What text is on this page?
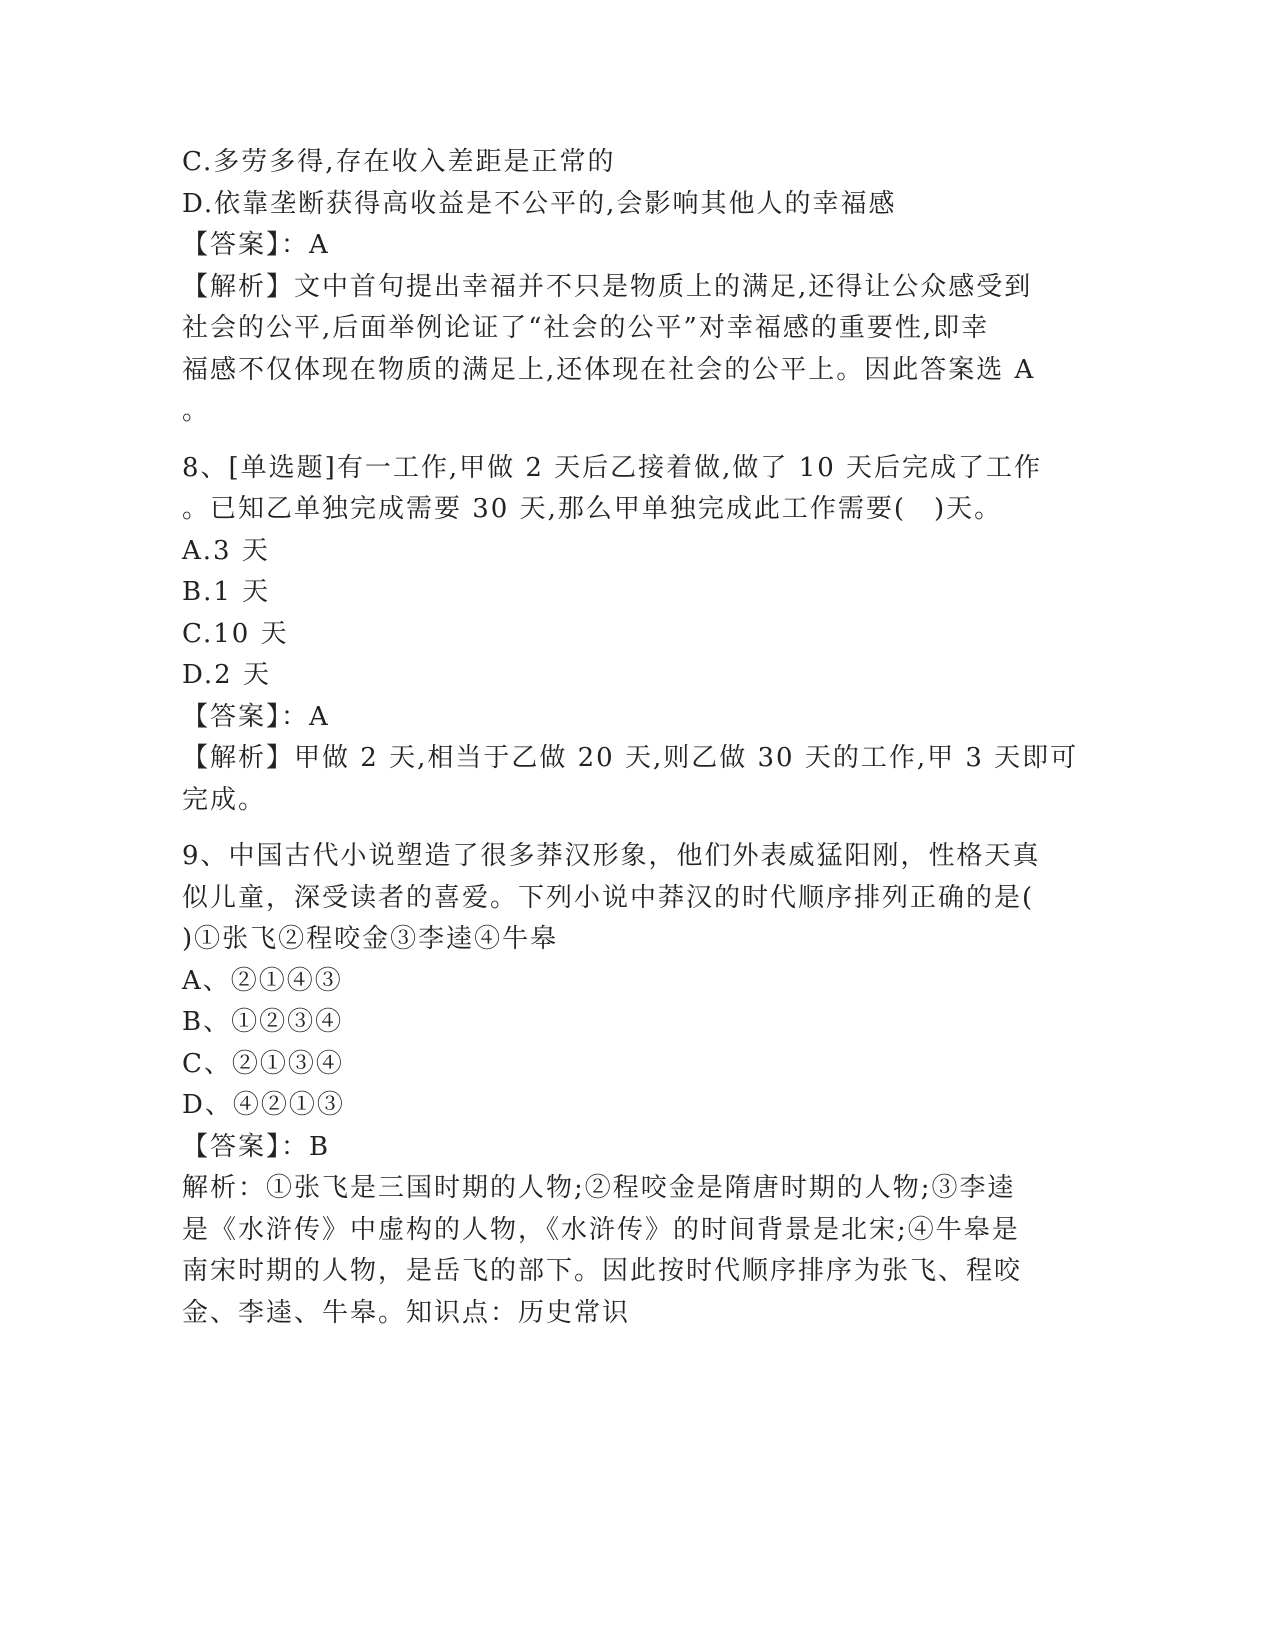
C.多劳多得,存在收入差距是正常的
D.依靠垄断获得高收益是不公平的,会影响其他人的幸福感
【答案】：A
【解析】文中首句提出幸福并不只是物质上的满足,还得让公众感受到
社会的公平,后面举例论证了“社会的公平”对幸福感的重要性,即幸
福感不仅体现在物质的满足上,还体现在社会的公平上。因此答案选 A
。
8、[单选题]有一工作,甲做 2 天后乙接着做,做了 10 天后完成了工作
。已知乙单独完成需要 30 天,那么甲单独完成此工作需要(　)天。
A.3 天
B.1 天
C.10 天
D.2 天
【答案】：A
【解析】甲做 2 天,相当于乙做 20 天,则乙做 30 天的工作,甲 3 天即可
完成。
9、中国古代小说塑造了很多莽汉形象，他们外表威猛阳刚，性格天真
似儿童，深受读者的喜爱。下列小说中莽汉的时代顺序排列正确的是(
)①张飞②程咬金③李逵④牛皋
A、②①④③
B、①②③④
C、②①③④
D、④②①③
【答案】：B
解析：①张飞是三国时期的人物;②程咬金是隋唐时期的人物;③李逵
是《水浒传》中虚构的人物，《水浒传》的时间背景是北宋;④牛皋是
南宋时期的人物，是岳飞的部下。因此按时代顺序排序为张飞、程咬
金、李逵、牛皋。知识点：历史常识
